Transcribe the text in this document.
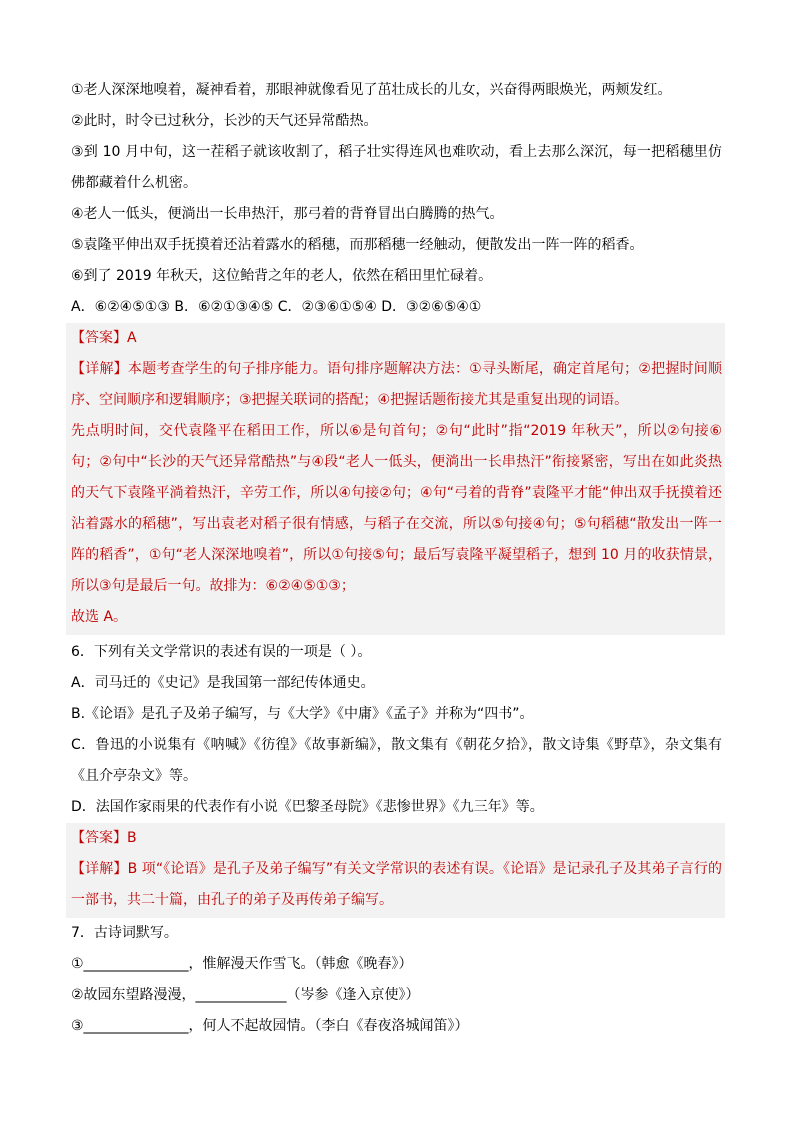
①老人深深地嗅着，凝神看着，那眼神就像看见了茁壮成长的儿女，兴奋得两眼焕光，两颊发红。

②此时，时令已过秋分，长沙的天气还异常酷热。

③到 10 月中旬，这一茬稻子就该收割了，稻子壮实得连风也难吹动，看上去那么深沉，每一把稻穗里仿佛都藏着什么机密。

④老人一低头，便淌出一长串热汗，那弓着的背脊冒出白腾腾的热气。

⑤袁隆平伸出双手抚摸着还沾着露水的稻穗，而那稻穗一经触动，便散发出一阵一阵的稻香。

⑥到了 2019 年秋天，这位鲐背之年的老人，依然在稻田里忙碌着。

A．⑥②④⑤①③ B．⑥②①③④⑤ C．②③⑥①⑤④ D．③②⑥⑤④①

【答案】A

【详解】本题考查学生的句子排序能力。语句排序题解决方法：①寻头断尾，确定首尾句；②把握时间顺序、空间顺序和逻辑顺序；③把握关联词的搭配；④把握话题衔接尤其是重复出现的词语。

先点明时间，交代袁隆平在稻田工作，所以⑥是句首句；②句“此时”指“2019 年秋天”，所以②句接⑥句；②句中“长沙的天气还异常酷热”与④段“老人一低头，便淌出一长串热汗”衔接紧密，写出在如此炎热的天气下袁隆平淌着热汗，辛劳工作，所以④句接②句；④句“弓着的背脊”袁隆平才能“伸出双手抚摸着还沾着露水的稻穗”，写出袁老对稻子很有情感，与稻子在交流，所以⑤句接④句；⑤句稻穗“散发出一阵一阵的稻香”，①句“老人深深地嗅着”，所以①句接⑤句；最后写袁隆平凝望稻子，想到 10 月的收获情景，所以③句是最后一句。故排为：⑥②④⑤①③；

故选 A。

6．下列有关文学常识的表述有误的一项是（ ）。

A．司马迁的《史记》是我国第一部纪传体通史。

B.《论语》是孔子及弟子编写，与《大学》《中庸》《孟子》并称为“四书”。

C．鲁迅的小说集有《呐喊》《彷徨》《故事新编》，散文集有《朝花夕拾》，散文诗集《野草》，杂文集有《且介亭杂文》等。

D．法国作家雨果的代表作有小说《巴黎圣母院》《悲惨世界》《九三年》等。

【答案】B

【详解】B 项“《论语》是孔子及弟子编写”有关文学常识的表述有误。《论语》是记录孔子及其弟子言行的一部书，共二十篇，由孔子的弟子及再传弟子编写。

7．古诗词默写。

①_______________，惟解漫天作雪飞。（韩愈《晚春》）

②故园东望路漫漫，_____________（岑参《逢入京使》）

③_______________，何人不起故园情。（李白《春夜洛城闻笛》）
